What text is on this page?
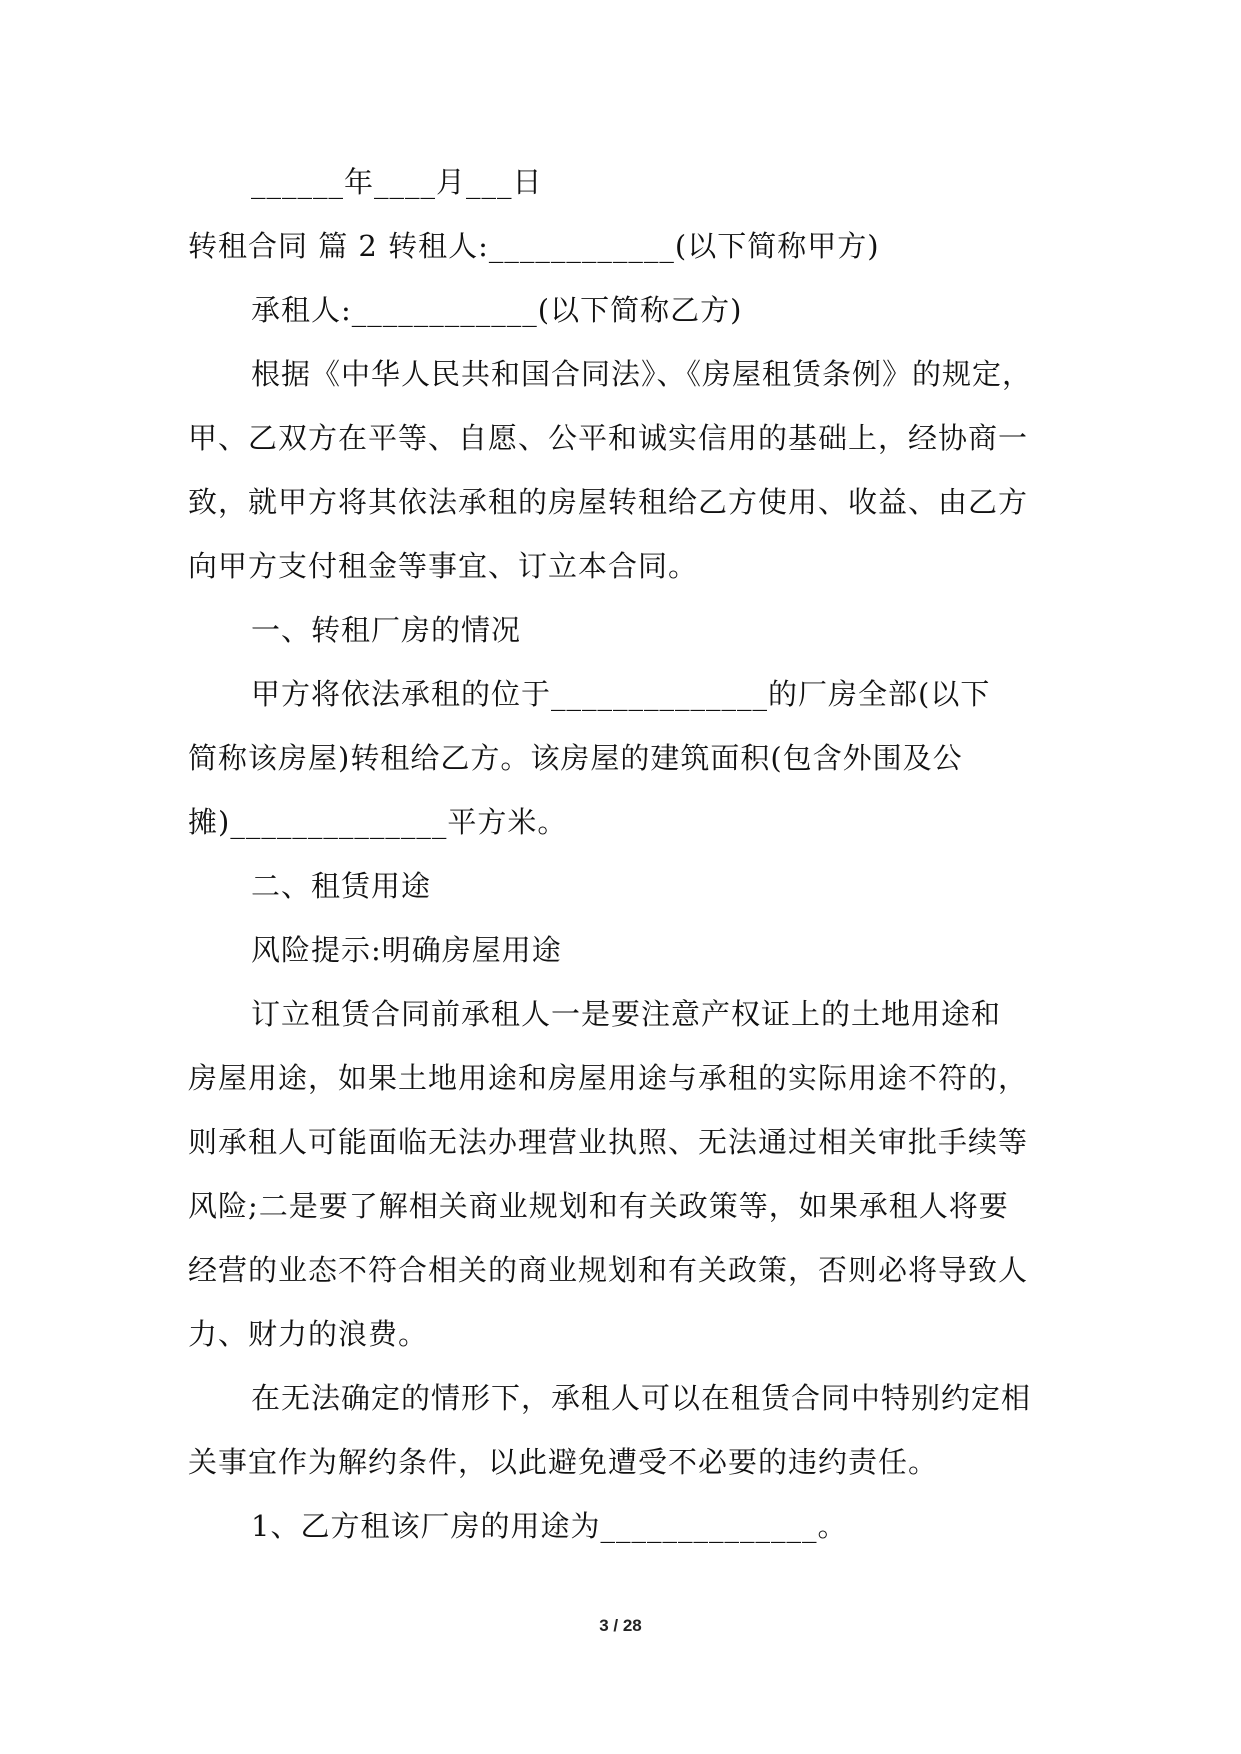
______年____月___日
转租合同 篇 2 转租人:____________(以下简称甲方)
承租人:____________(以下简称乙方)
根据《中华人民共和国合同法》、《房屋租赁条例》的规定，
甲、乙双方在平等、自愿、公平和诚实信用的基础上，经协商一
致，就甲方将其依法承租的房屋转租给乙方使用、收益、由乙方
向甲方支付租金等事宜、订立本合同。
一、转租厂房的情况
甲方将依法承租的位于______________的厂房全部(以下
简称该房屋)转租给乙方。该房屋的建筑面积(包含外围及公
摊)______________平方米。
二、租赁用途
风险提示:明确房屋用途
订立租赁合同前承租人一是要注意产权证上的土地用途和
房屋用途，如果土地用途和房屋用途与承租的实际用途不符的，
则承租人可能面临无法办理营业执照、无法通过相关审批手续等
风险;二是要了解相关商业规划和有关政策等，如果承租人将要
经营的业态不符合相关的商业规划和有关政策，否则必将导致人
力、财力的浪费。
在无法确定的情形下，承租人可以在租赁合同中特别约定相
关事宜作为解约条件，以此避免遭受不必要的违约责任。
1、乙方租该厂房的用途为______________。
3 / 28
